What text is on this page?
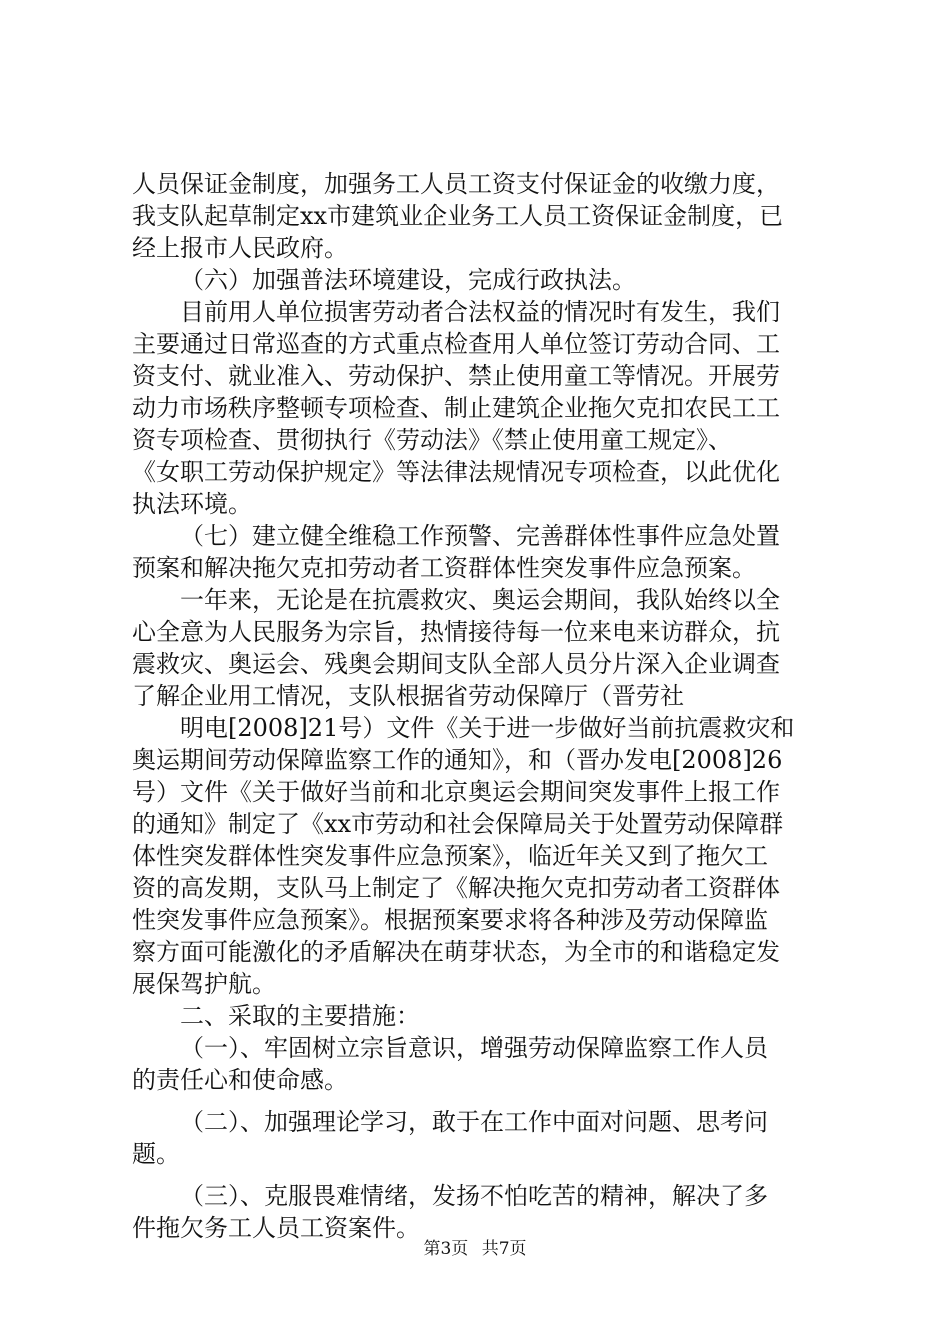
人员保证金制度，加强务工人员工资支付保证金的收缴力度，
我支队起草制定xx市建筑业企业务工人员工资保证金制度，已
经上报市人民政府。
（六）加强普法环境建设，完成行政执法。
目前用人单位损害劳动者合法权益的情况时有发生，我们
主要通过日常巡查的方式重点检查用人单位签订劳动合同、工
资支付、就业准入、劳动保护、禁止使用童工等情况。开展劳
动力市场秩序整顿专项检查、制止建筑企业拖欠克扣农民工工
资专项检查、贯彻执行《劳动法》《禁止使用童工规定》、
《女职工劳动保护规定》等法律法规情况专项检查，以此优化
执法环境。
（七）建立健全维稳工作预警、完善群体性事件应急处置
预案和解决拖欠克扣劳动者工资群体性突发事件应急预案。
一年来，无论是在抗震救灾、奥运会期间，我队始终以全
心全意为人民服务为宗旨，热情接待每一位来电来访群众，抗
震救灾、奥运会、残奥会期间支队全部人员分片深入企业调查
了解企业用工情况，支队根据省劳动保障厅（晋劳社
明电[2008]21号）文件《关于进一步做好当前抗震救灾和
奥运期间劳动保障监察工作的通知》，和（晋办发电[2008]26
号）文件《关于做好当前和北京奥运会期间突发事件上报工作
的通知》制定了《xx市劳动和社会保障局关于处置劳动保障群
体性突发群体性突发事件应急预案》，临近年关又到了拖欠工
资的高发期，支队马上制定了《解决拖欠克扣劳动者工资群体
性突发事件应急预案》。根据预案要求将各种涉及劳动保障监
察方面可能激化的矛盾解决在萌芽状态，为全市的和谐稳定发
展保驾护航。
二、采取的主要措施：
（一）、牢固树立宗旨意识，增强劳动保障监察工作人员
的责任心和使命感。
（二）、加强理论学习，敢于在工作中面对问题、思考问
题。
（三）、克服畏难情绪，发扬不怕吃苦的精神，解决了多
件拖欠务工人员工资案件。
第3页 共7页
